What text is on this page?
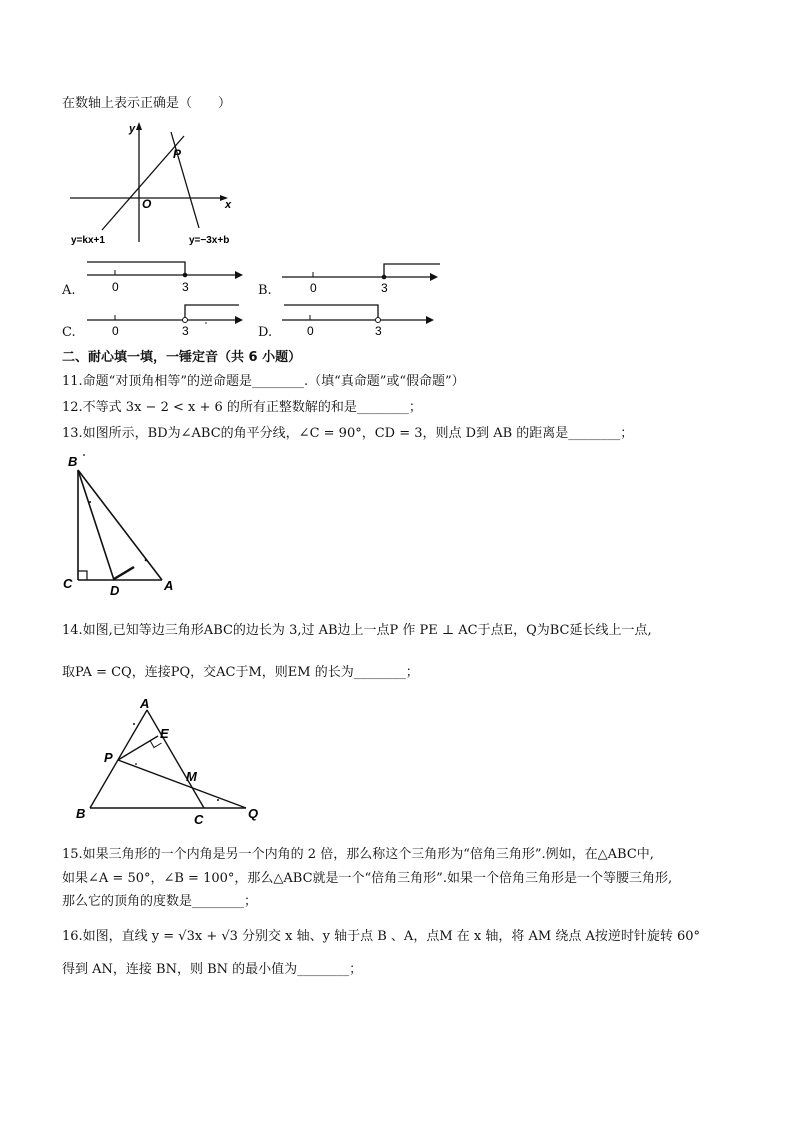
在数轴上表示正确是（　　）
y
x
O
P
y=kx+1	y=−3x+b
A.	0	3	B.	0	3
C.	0	3	D.	0	3
二、耐心填一填，一锤定音（共 6 小题）
11.命题“对顶角相等”的逆命题是________.（填“真命题”或“假命题”）
12.不等式 3x − 2 < x + 6 的所有正整数解的和是________；
13.如图所示，BD为∠ABC的角平分线，∠C = 90°，CD = 3，则点 D到 AB 的距离是________；
B
C	D	A
14.如图,已知等边三角形ABC的边长为 3,过 AB边上一点P 作 PE ⊥ AC于点E，Q为BC延长线上一点,
取PA = CQ，连接PQ，交AC于M，则EM 的长为________；
A
E
P
M
B	C	Q
15.如果三角形的一个内角是另一个内角的 2 倍，那么称这个三角形为“倍角三角形”.例如，在△ABC中,
如果∠A = 50°，∠B = 100°，那么△ABC就是一个“倍角三角形”.如果一个倍角三角形是一个等腰三角形,
那么它的顶角的度数是________；
16.如图，直线 y = √3x + √3 分别交 x 轴、y 轴于点 B 、A，点M 在 x 轴，将 AM 绕点 A按逆时针旋转 60°
得到 AN，连接 BN，则 BN 的最小值为________；
